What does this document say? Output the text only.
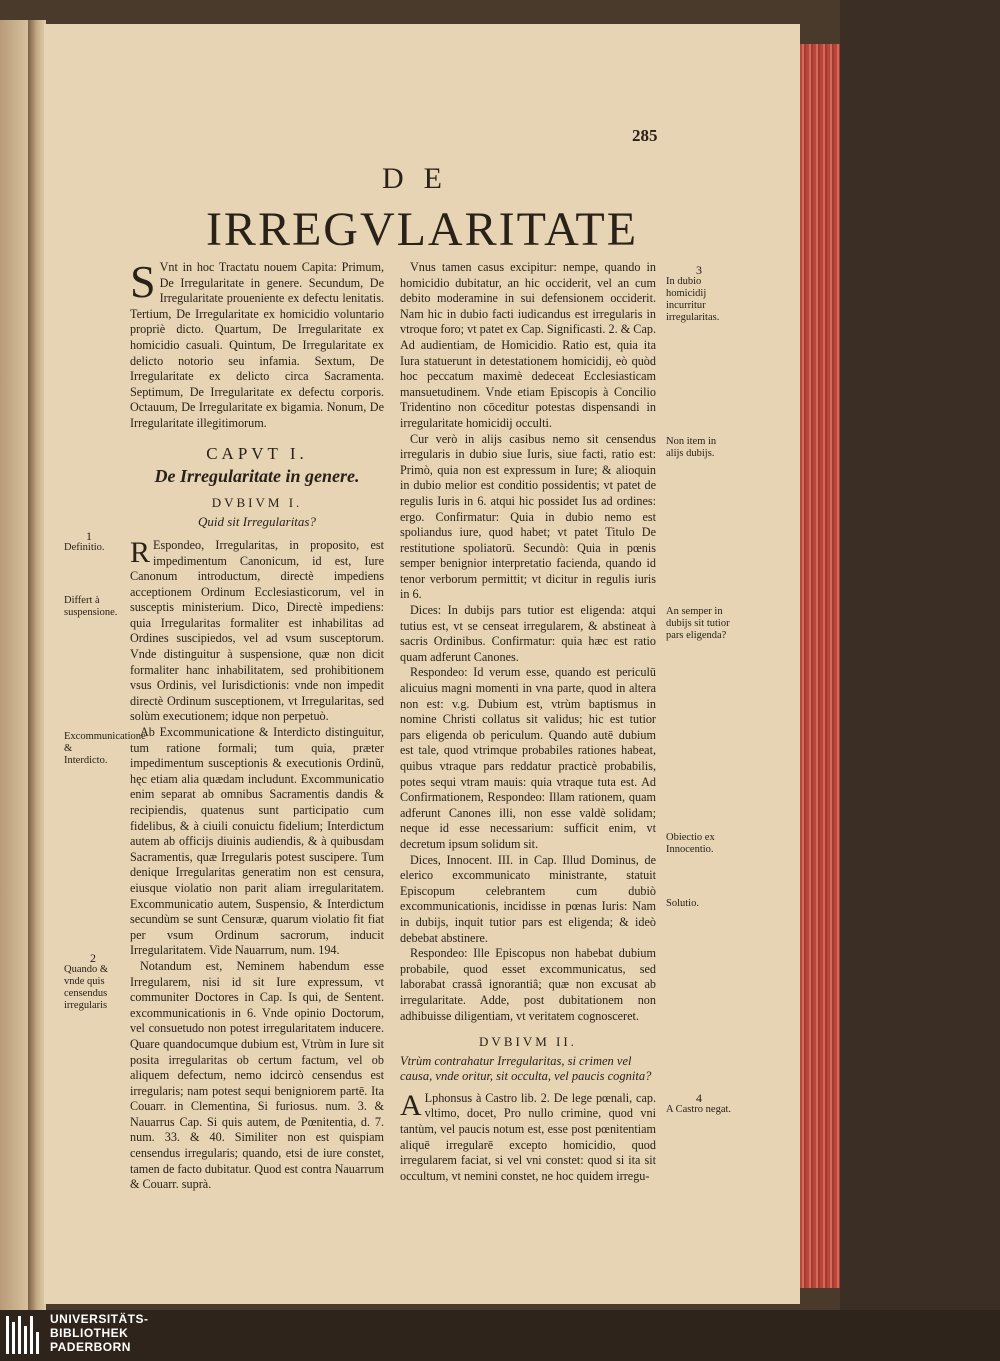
285
DE
IRREGVLARITATE

S Vnt in hoc Tractatu nouem Capita: Primum, De Irregularitate in genere. Secundum, De Irregularitate prouenientе ex defectu lenitatis. Tertium, De Irregularitate ex homicidio voluntario propriè dicto. Quartum, De Irregularitate ex homicidio casuali. Quintum, De Irregularitate ex delicto notorio seu infamia. Sextum, De Irregularitate ex delicto circa Sacramenta. Septimum, De Irregularitate ex defectu corporis. Octauum, De Irregularitate ex bigamia. Nonum, De Irregularitate illegitimorum.

CAPVT I.
De Irregularitate in genere.
DVBIVM I.
Quid sit Irregularitas?

R Espondeo, Irregularitas, in proposito, est impedimentum Canonicum, id est, Iure Canonum introductum, directè impediens acceptionem Ordinum Ecclesiasticorum, vel in susceptis ministerium. Dico, Directè impediens: quia Irregularitas formaliter est inhabilitas ad Ordines suscipiedos, vel ad vsum susceptorum. Vnde distinguitur à suspensione, quæ non dicit formaliter hanc inhabilitatem, sed prohibitionem vsus Ordinis, vel Iurisdictionis: vnde non impedit directè Ordinum susceptionem, vt Irregularitas, sed solùm executionem; idque non perpetuò.

Ab Excommunicatione & Interdicto distinguitur, tum ratione formali; tum quia, præter impedimentum susceptionis & executionis Ordinũ, hęc etiam alia quædam includunt. Excommunicatio enim separat ab omnibus Sacramentis dandis & recipiendis, quatenus sunt participatio cum fidelibus, & à ciuili conuictu fidelium; Interdictum autem ab officijs diuinis audiendis, & à quibusdam Sacramentis, quæ Irregularis potest suscipere. Tum denique Irregularitas generatim non est censura, eiusque violatio non parit aliam irregularitatem. Excommunicatio autem, Suspensio, & Interdictum secundùm se sunt Censuræ, quarum violatio fit fiat per vsum Ordinum sacrorum, inducit Irregularitatem. Vide Nauarrum, num. 194.

Notandum est, Neminem habendum esse Irregularem, nisi id sit Iure expressum, vt communiter Doctores in Cap. Is qui, de Sentent. excommunicationis in 6. Vnde opinio Doctorum, vel consuetudo non potest irregularitatem inducere. Quare quandocumque dubium est, Vtrùm in Iure sit posita irregularitas ob certum factum, vel ob aliquem defectum, nemo idcircò censendus est irregularis; nam potest sequi benigniorem partē. Ita Couarr. in Clementina, Si furiosus. num. 3. & Nauarrus Cap. Si quis autem, de Pœnitentia, d. 7. num. 33. & 40. Similiter non est quispiam censendus irregularis; quando, etsi de iure constet, tamen de facto dubitatur. Quod est contra Nauarrum & Couarr. suprà.

Vnus tamen casus excipitur: nempe, quando in homicidio dubitatur, an hic occiderit, vel an cum debito moderamine in sui defensionem occiderit. Nam hic in dubio facti iudicandus est irregularis in vtroque foro; vt patet ex Cap. Significasti. 2. & Cap. Ad audientiam, de Homicidio. Ratio est, quia ita Iura statuerunt in detestationem homicidij, eò quòd hoc peccatum maximè dedeceat Ecclesiasticam mansuetudinem. Vnde etiam Episcopis à Concilio Tridentino non cōceditur potestas dispensandi in irregularitate homicidij occulti.

Cur verò in alijs casibus nemo sit censendus irregularis in dubio siue Iuris, siue facti, ratio est: Primò, quia non est expressum in Iure; & alioquin in dubio melior est conditio possidentis; vt patet de regulis Iuris in 6. atqui hic possidet Ius ad ordines: ergo. Confirmatur: Quia in dubio nemo est spoliandus iure, quod habet; vt patet Titulo De restitutione spoliatorū. Secundò: Quia in pœnis semper benignior interpretatio facienda, quando id tenor verborum permittit; vt dicitur in regulis iuris in 6.

Dices: In dubijs pars tutior est eligenda: atqui tutius est, vt se censeat irregularem, & abstineat à sacris Ordinibus. Confirmatur: quia hæc est ratio quam adferunt Canones.

Respondeo: Id verum esse, quando est periculū alicuius magni momenti in vna parte, quod in altera non est: v.g. Dubium est, vtrùm baptismus in nomine Christi collatus sit validus; hic est tutior pars eligenda ob periculum. Quando autē dubium est tale, quod vtrimque probabiles rationes habeat, quibus vtraque pars reddatur practicè probabilis, potes sequi vtram mauis: quia vtraque tuta est. Ad Confirmationem, Respondeo: Illam rationem, quam adferunt Canones illi, non esse valdè solidam; neque id esse necessarium: sufficit enim, vt decretum ipsum solidum sit.

Dices, Innocent. III. in Cap. Illud Dominus, de elerico excommunicato ministrante, statuit Episcopum celebrantem cum dubiò excommunicationis, incidisse in pœnas Iuris: Nam in dubijs, inquit tutior pars est eligenda; & ideò debebat abstinere.

Respondeo: Ille Episcopus non habebat dubium probabile, quod esset excommunicatus, sed laborabat crassâ ignorantiâ; quæ non excusat ab irregularitate. Adde, post dubitationem non adhibuisse diligentiam, vt veritatem cognosceret.

DVBIVM II.
Vtrùm contrahatur Irregularitas, si crimen vel causa, vnde oritur, sit occulta, vel paucis cognita?

A Lphonsus à Castro lib. 2. De lege pœnali, cap. vltimo, docet, Pro nullo crimine, quod vni tantùm, vel paucis notum est, esse post pœnitentiam aliquē irregularē excepto homicidio, quod irregularem faciat, si vel vni constet: quod si ita sit occultum, vt nemini constet, ne hoc quidem irregu-

1
Definitio.
Differt à suspensione.
Excommunicatione & Interdicto.
2
Quando & vnde quis censendus irregularis
3
In dubio homicidij incurritur irregularitas.
Non item in alijs dubijs.
An semper in dubijs sit tutior pars eligenda?
Obiectio ex Innocentio.
Solutio.
4
A Castro negat.
UNIVERSITÄTS-
BIBLIOTHEK
PADERBORN
